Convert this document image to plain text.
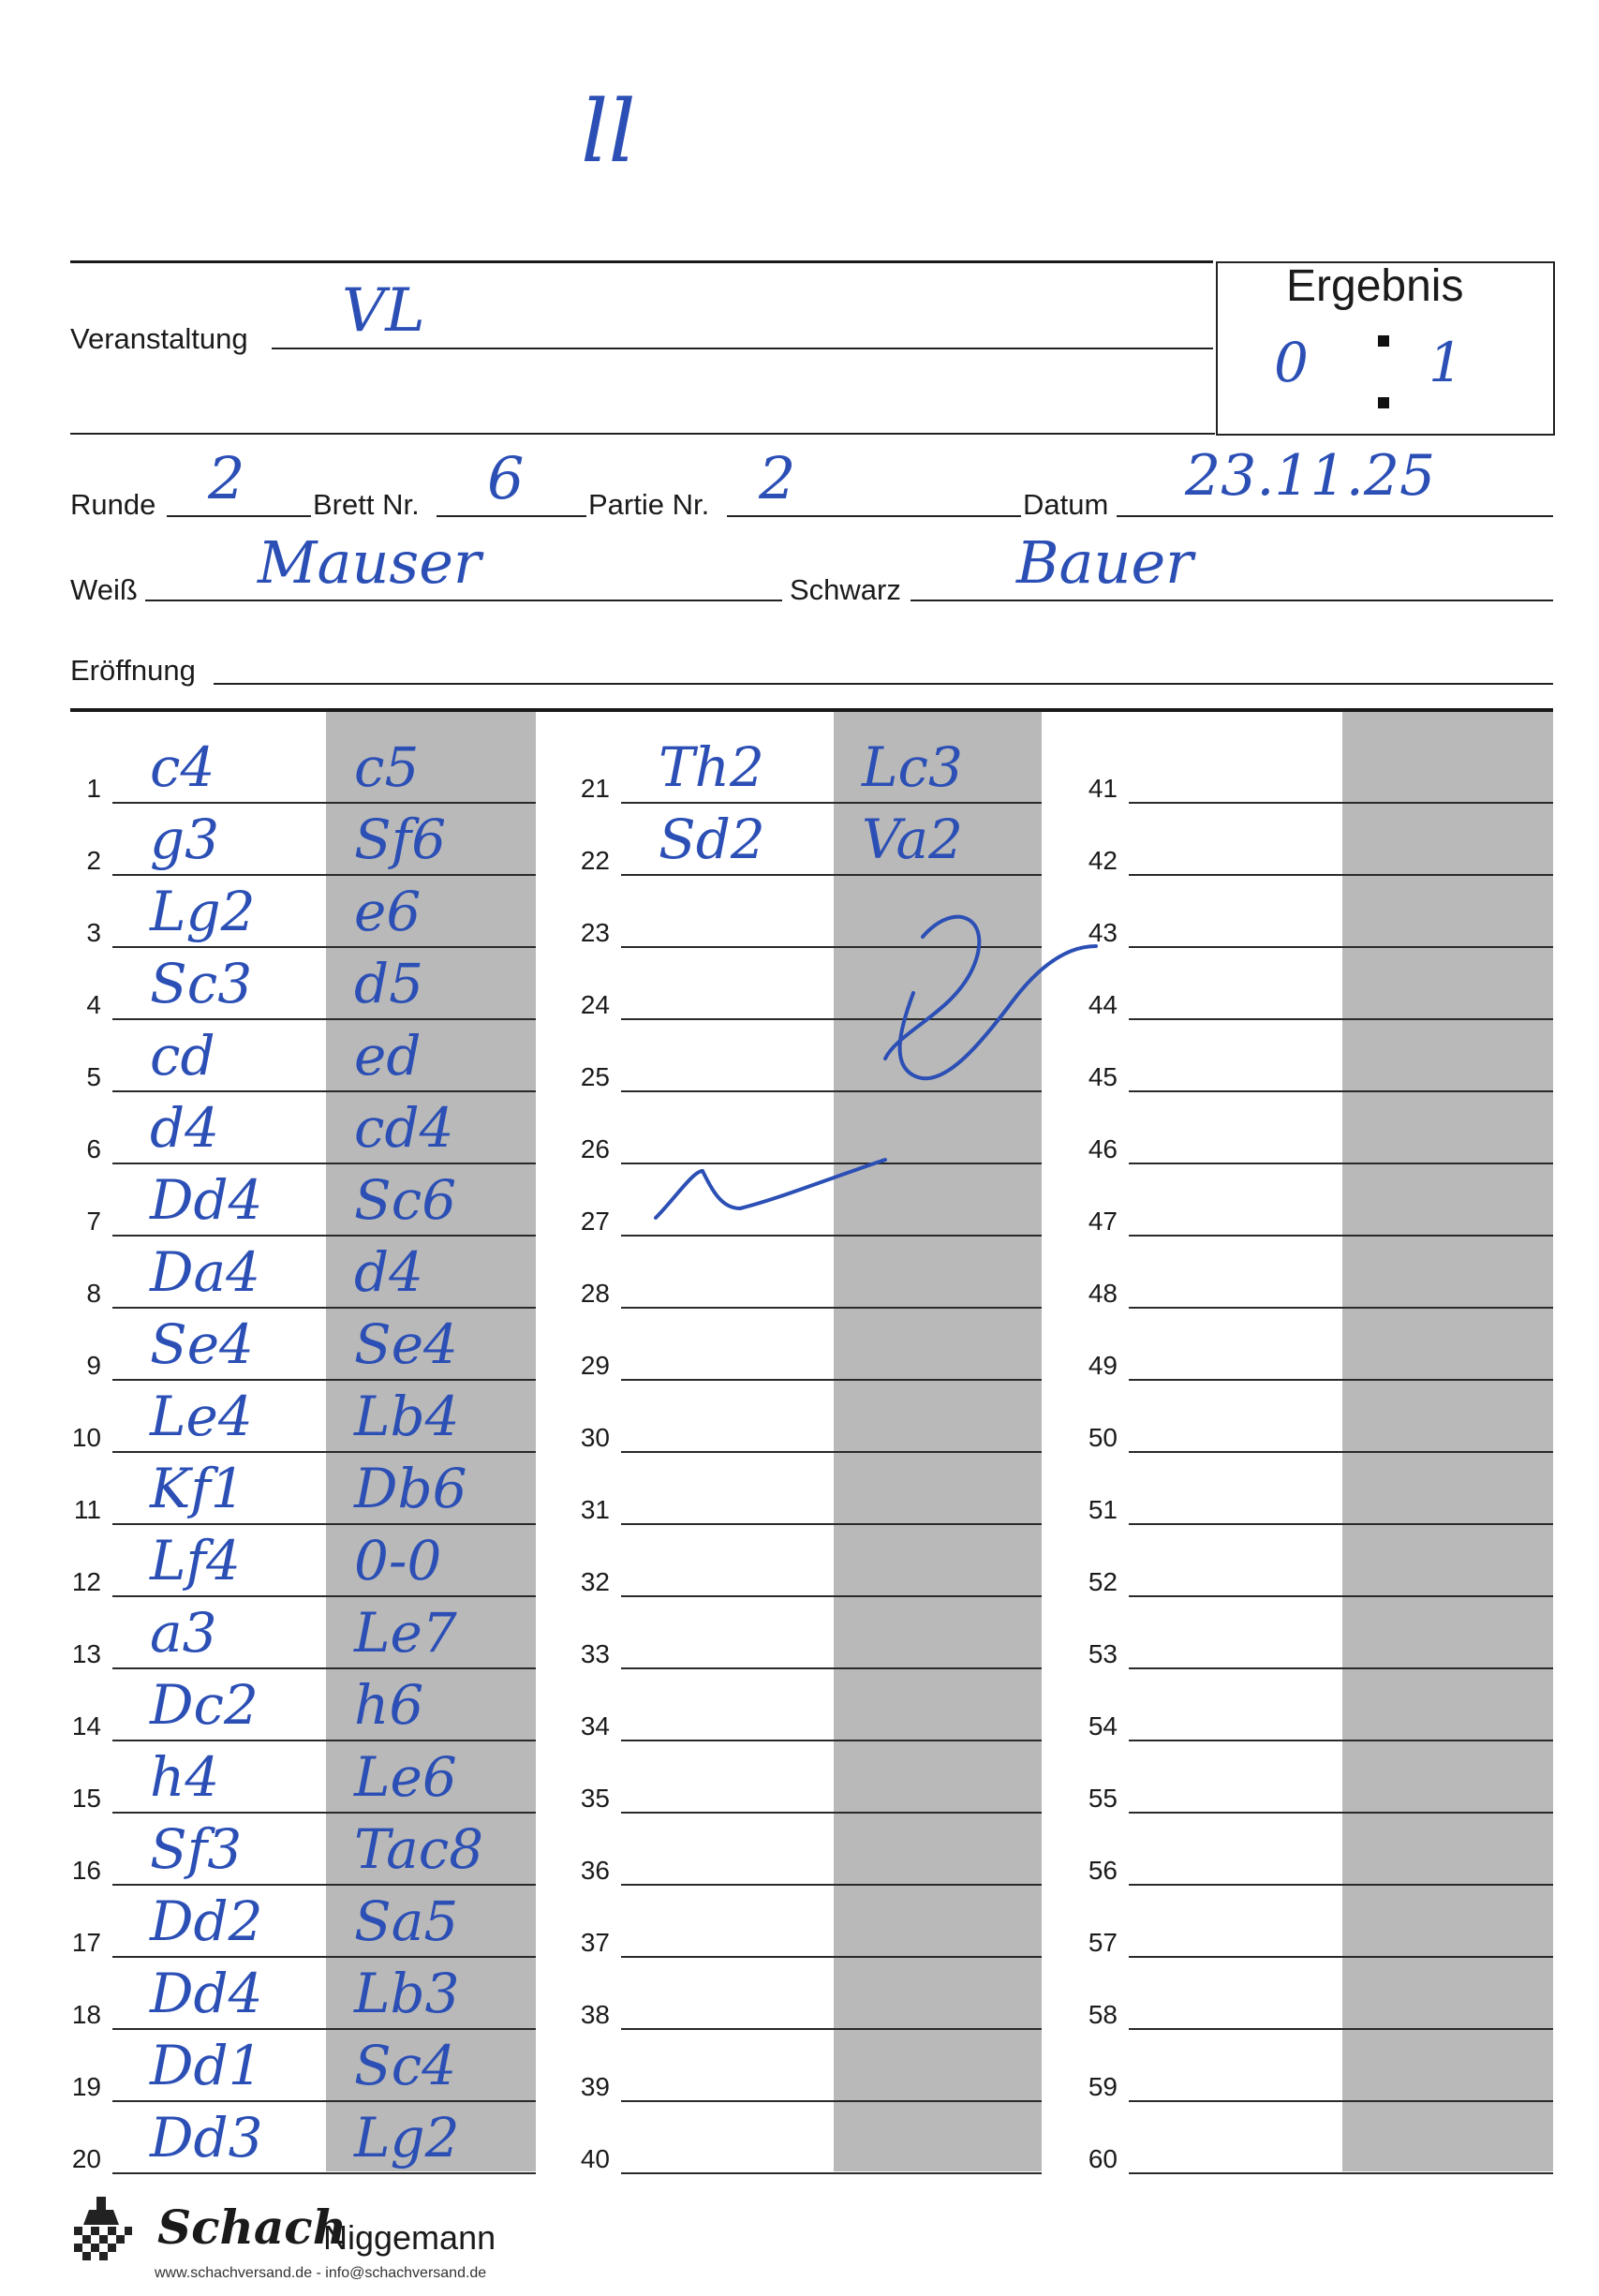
ll
Veranstaltung VL	Ergebnis
0 1
Runde 2 Brett Nr. 6 Partie Nr. 2	Datum 23.11.25
Weiß Mauser	Schwarz Bauer
Eröffnung
1 c4	c5
2 g3 Sf6
3 Lg2 e6
4 Sc3 d5
5 cd	ed
6 d4 cd4
7 Dd4 Sc6
8 Da4 d4
9 Se4 Se4
10 Le4 Lb4
11 Kf1 Db6
12 Lf4 0-0
13 a3	Le7
14 Dc2 h6
15 h4 Le6
16 Sf3 Tac8
17 Dd2 Sa5
18 Dd4 Lb3
19 Dd1 Sc4
20 Dd3 Lg2
21 Th2 Lc3
22 Sd2 Va2
23
24
25
26
27
28
29
30
31
32
33
34
35
36
37
38
39
40
41
42
43
44
45
46
47
48
49
50
51
52
53
54
55
56
57
58
59
60
Schach
Niggemann
www.schachversand.de - info@schachversand.de
